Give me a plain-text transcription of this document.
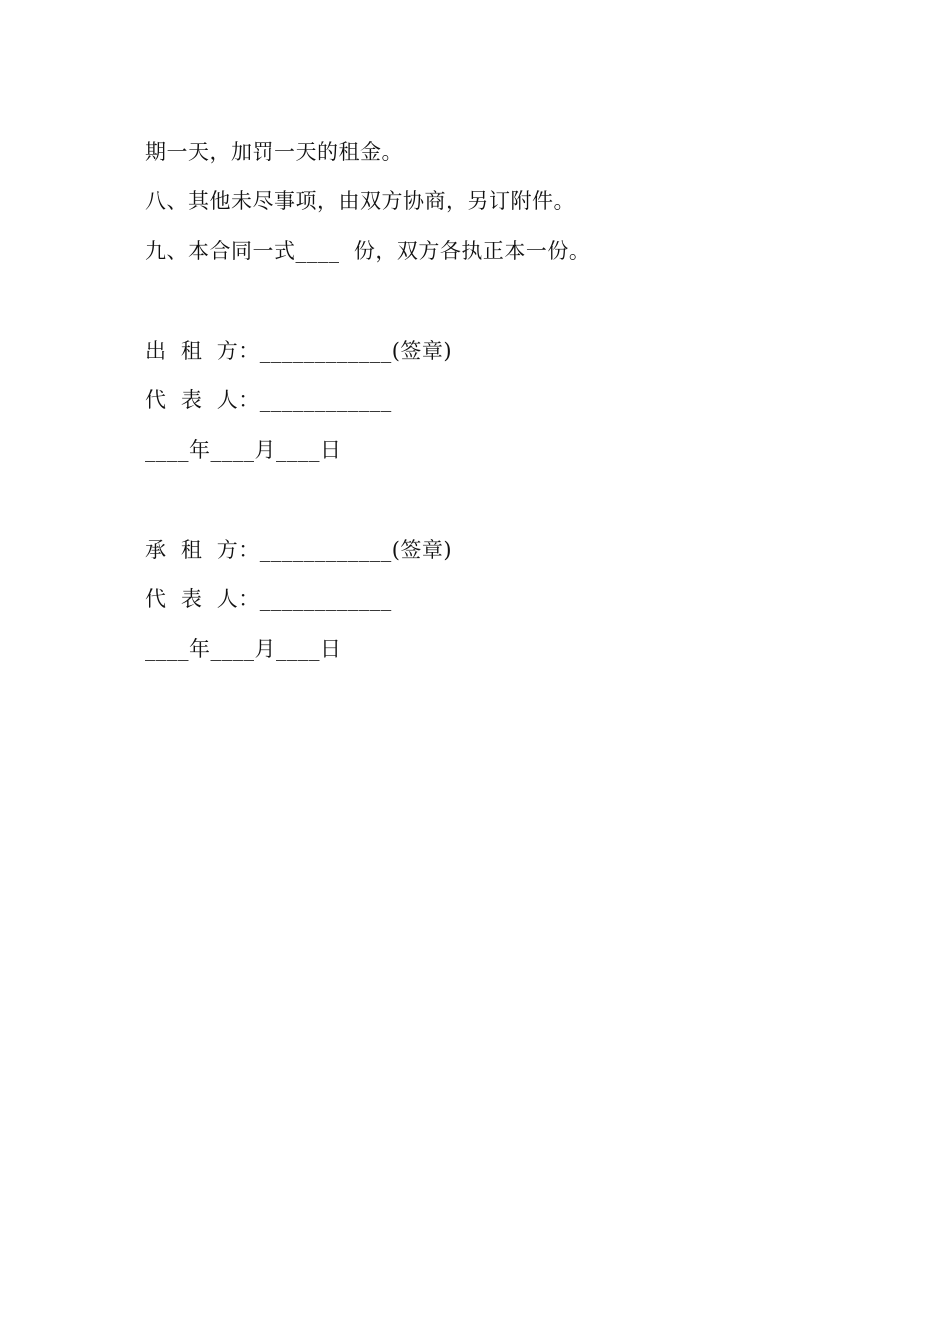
期一天，加罚一天的租金。
八、其他未尽事项，由双方协商，另订附件。
九、本合同一式____  份，双方各执正本一份。
出  租  方：____________(签章)
代  表  人：____________
____年____月____日
承  租  方：____________(签章)
代  表  人：____________
____年____月____日
